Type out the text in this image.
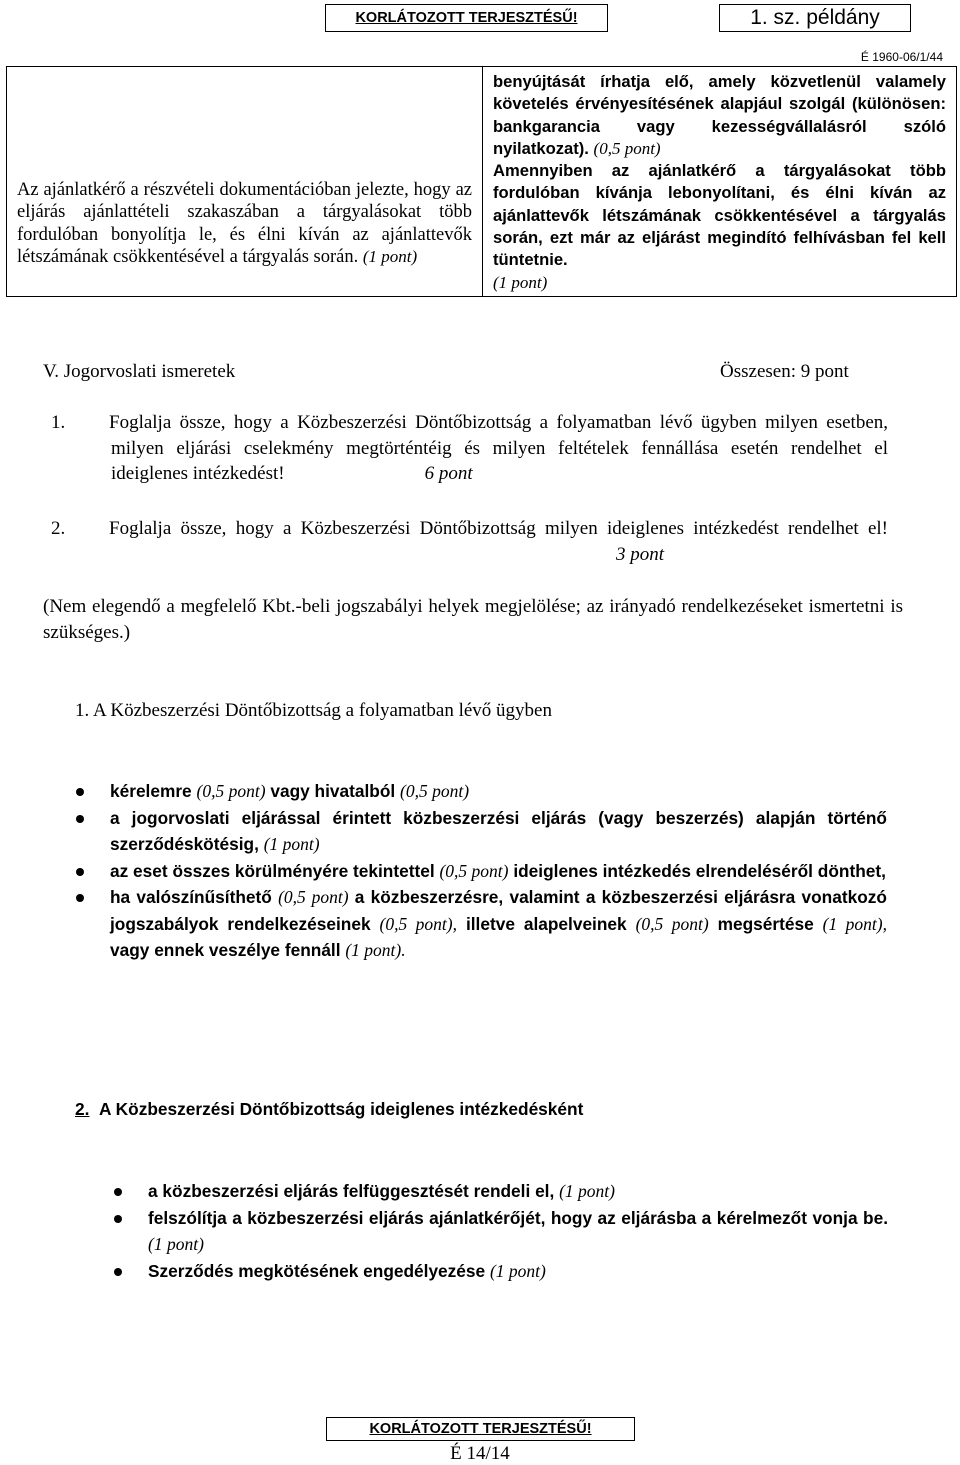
KORLÁTOZOTT TERJESZTÉSŰ!	1. sz. példány
É 1960-06/1/44
Az ajánlatkérő a részvételi dokumentációban jelezte, hogy az eljárás ajánlattételi szakaszában a tárgyalásokat több fordulóban bonyolítja le, és élni kíván az ajánlattevők létszámának csökkentésével a tárgyalás során. (1 pont)	benyújtását írhatja elő, amely közvetlenül valamely követelés érvényesítésének alapjául szolgál (különösen: bankgarancia vagy kezességvállalásról szóló nyilatkozat). (0,5 pont)
Amennyiben az ajánlatkérő a tárgyalásokat több fordulóban kívánja lebonyolítani, és élni kíván az ajánlattevők létszámának csökkentésével a tárgyalás során, ezt már az eljárást megindító felhívásban fel kell tüntetnie.
(1 pont)
V. Jogorvoslati ismeretek	Összesen: 9 pont
1. Foglalja össze, hogy a Közbeszerzési Döntőbizottság a folyamatban lévő ügyben milyen esetben, milyen eljárási cselekmény megtörténtéig és milyen feltételek fennállása esetén rendelhet el ideiglenes intézkedést!	6 pont
2. Foglalja össze, hogy a Közbeszerzési Döntőbizottság milyen ideiglenes intézkedést rendelhet el!3 pont
(Nem elegendő a megfelelő Kbt.-beli jogszabályi helyek megjelölése; az irányadó rendelkezéseket ismertetni is szükséges.)
1. A Közbeszerzési Döntőbizottság a folyamatban lévő ügyben
kérelemre (0,5 pont) vagy hivatalból (0,5 pont)
a jogorvoslati eljárással érintett közbeszerzési eljárás (vagy beszerzés) alapján történő szerződéskötésig, (1 pont)
az eset összes körülményére tekintettel (0,5 pont) ideiglenes intézkedés elrendeléséről dönthet,
ha valószínűsíthető (0,5 pont) a közbeszerzésre, valamint a közbeszerzési eljárásra vonatkozó jogszabályok rendelkezéseinek (0,5 pont), illetve alapelveinek (0,5 pont) megsértése (1 pont), vagy ennek veszélye fennáll (1 pont).
2. A Közbeszerzési Döntőbizottság ideiglenes intézkedésként
a közbeszerzési eljárás felfüggesztését rendeli el, (1 pont)
felszólítja a közbeszerzési eljárás ajánlatkérőjét, hogy az eljárásba a kérelmezőt vonja be. (1 pont)
Szerződés megkötésének engedélyezése (1 pont)
KORLÁTOZOTT TERJESZTÉSŰ!
É 14/14
